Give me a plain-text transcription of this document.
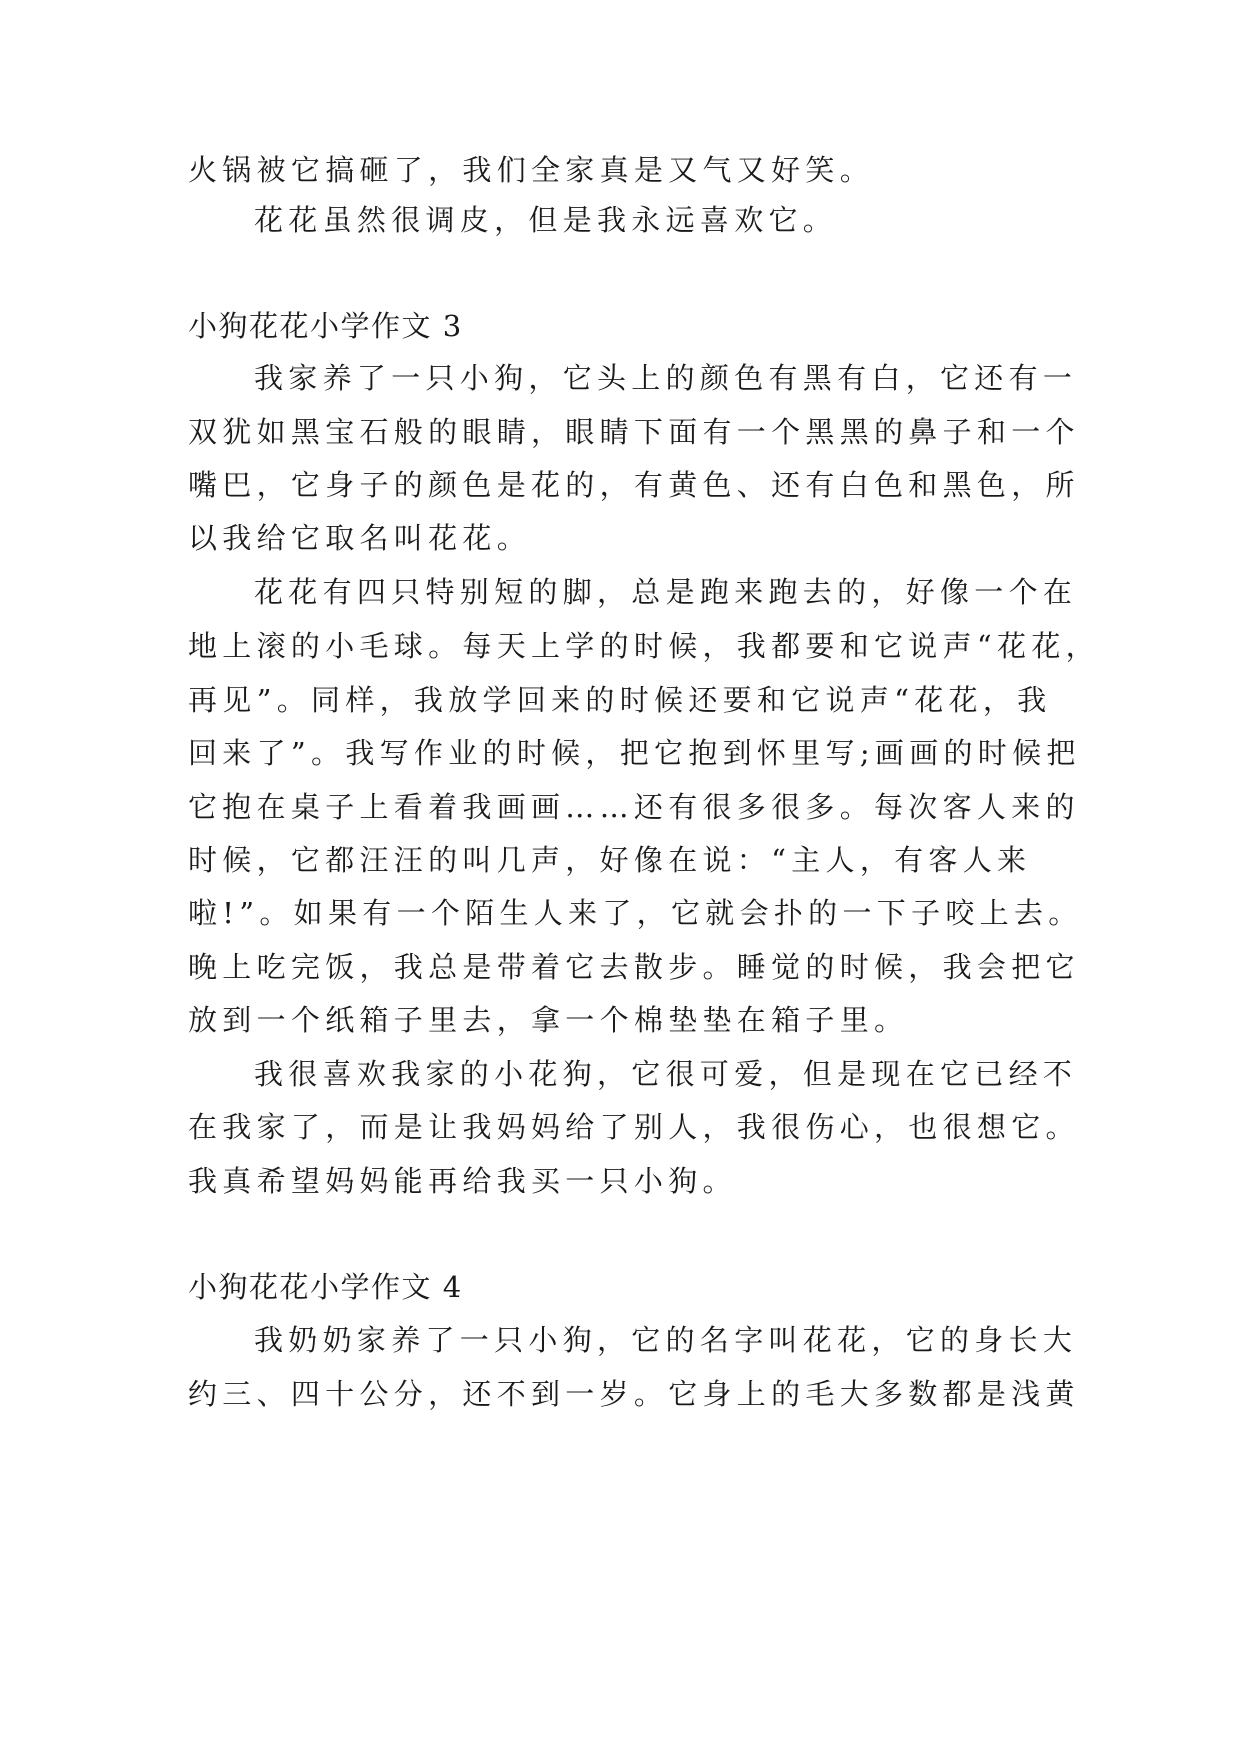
火锅被它搞砸了，我们全家真是又气又好笑。
花花虽然很调皮，但是我永远喜欢它。
小狗花花小学作文 3
我家养了一只小狗，它头上的颜色有黑有白，它还有一
双犹如黑宝石般的眼睛，眼睛下面有一个黑黑的鼻子和一个
嘴巴，它身子的颜色是花的，有黄色、还有白色和黑色，所
以我给它取名叫花花。
花花有四只特别短的脚，总是跑来跑去的，好像一个在
地上滚的小毛球。每天上学的时候，我都要和它说声“花花，
再见”。同样，我放学回来的时候还要和它说声“花花，我
回来了”。我写作业的时候，把它抱到怀里写;画画的时候把
它抱在桌子上看着我画画……还有很多很多。每次客人来的
时候，它都汪汪的叫几声，好像在说：“主人，有客人来
啦!”。如果有一个陌生人来了，它就会扑的一下子咬上去。
晚上吃完饭，我总是带着它去散步。睡觉的时候，我会把它
放到一个纸箱子里去，拿一个棉垫垫在箱子里。
我很喜欢我家的小花狗，它很可爱，但是现在它已经不
在我家了，而是让我妈妈给了别人，我很伤心，也很想它。
我真希望妈妈能再给我买一只小狗。
小狗花花小学作文 4
我奶奶家养了一只小狗，它的名字叫花花，它的身长大
约三、四十公分，还不到一岁。它身上的毛大多数都是浅黄
